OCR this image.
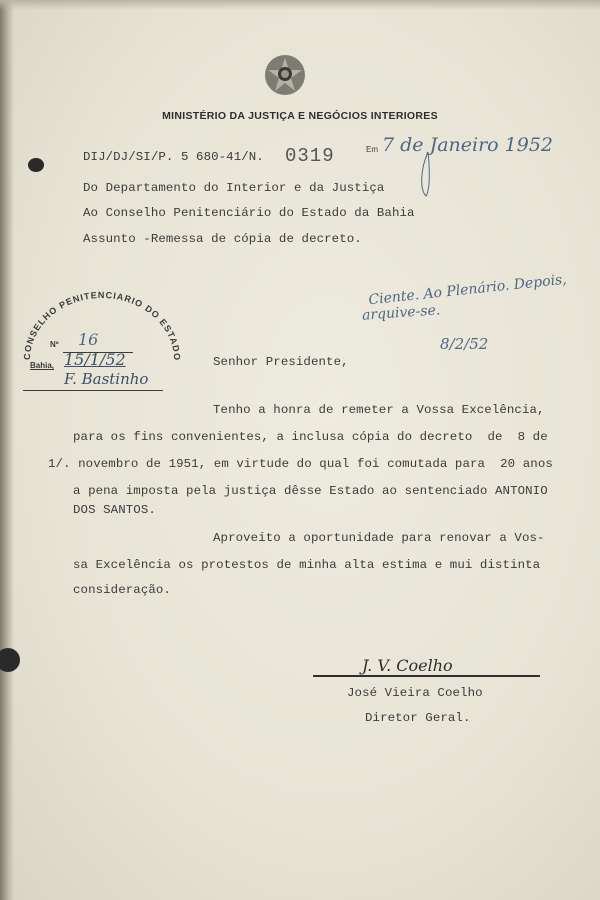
MINISTÉRIO DA JUSTIÇA E NEGÓCIOS INTERIORES
DIJ/DJ/SI/P. 5 680-41/N. 0319	Em 7 de Janeiro 1952
Do Departamento do Interior e da Justiça
Ao Conselho Penitenciário do Estado da Bahia
Assunto -Remessa de cópia de decreto.
CONSELHO PENITENCIARIO DO ESTADO
Nº 16
Bahia, 15/1/52
F. Bastinho
Ciente. Ao Plenário. Depois,
arquive-se.
8/2/52
Senhor Presidente,
Tenho a honra de remeter a Vossa Excelência,
para os fins convenientes, a inclusa cópia do decreto  de  8 de
1/. novembro de 1951, em virtude do qual foi comutada para  20 anos
a pena imposta pela justiça dêsse Estado ao sentenciado ANTONIO
DOS SANTOS.
Aproveito a oportunidade para renovar a Vos-
sa Excelência os protestos de minha alta estima e mui distinta
consideração.
J. V. Coelho
José Vieira Coelho
Diretor Geral.
